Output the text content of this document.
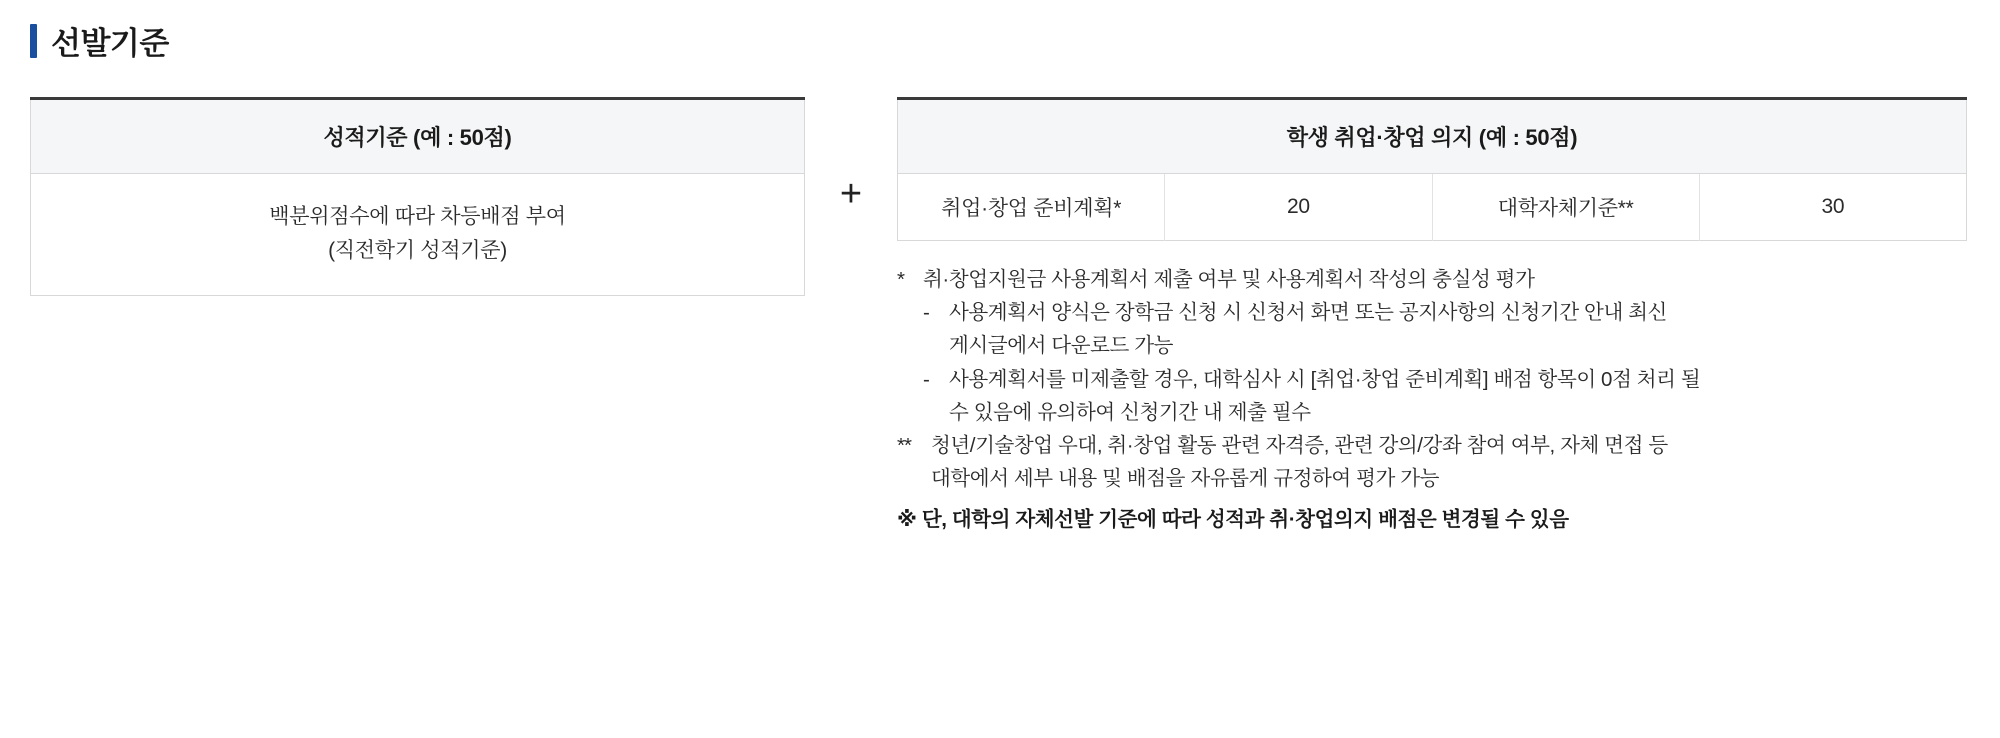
선발기준
성적기준 (예 : 50점)

백분위점수에 따라 차등배점 부여
(직전학기 성적기준)
+
학생 취업·창업 의지 (예 : 50점)
취업·창업 준비계획*	20	대학자체기준**	30
* 취·창업지원금 사용계획서 제출 여부 및 사용계획서 작성의 충실성 평가
- 사용계획서 양식은 장학금 신청 시 신청서 화면 또는 공지사항의 신청기간 안내 최신
게시글에서 다운로드 가능
- 사용계획서를 미제출할 경우, 대학심사 시 [취업·창업 준비계획] 배점 항목이 0점 처리 될
수 있음에 유의하여 신청기간 내 제출 필수
** 청년/기술창업 우대, 취·창업 활동 관련 자격증, 관련 강의/강좌 참여 여부, 자체 면접 등
대학에서 세부 내용 및 배점을 자유롭게 규정하여 평가 가능
※ 단, 대학의 자체선발 기준에 따라 성적과 취·창업의지 배점은 변경될 수 있음
